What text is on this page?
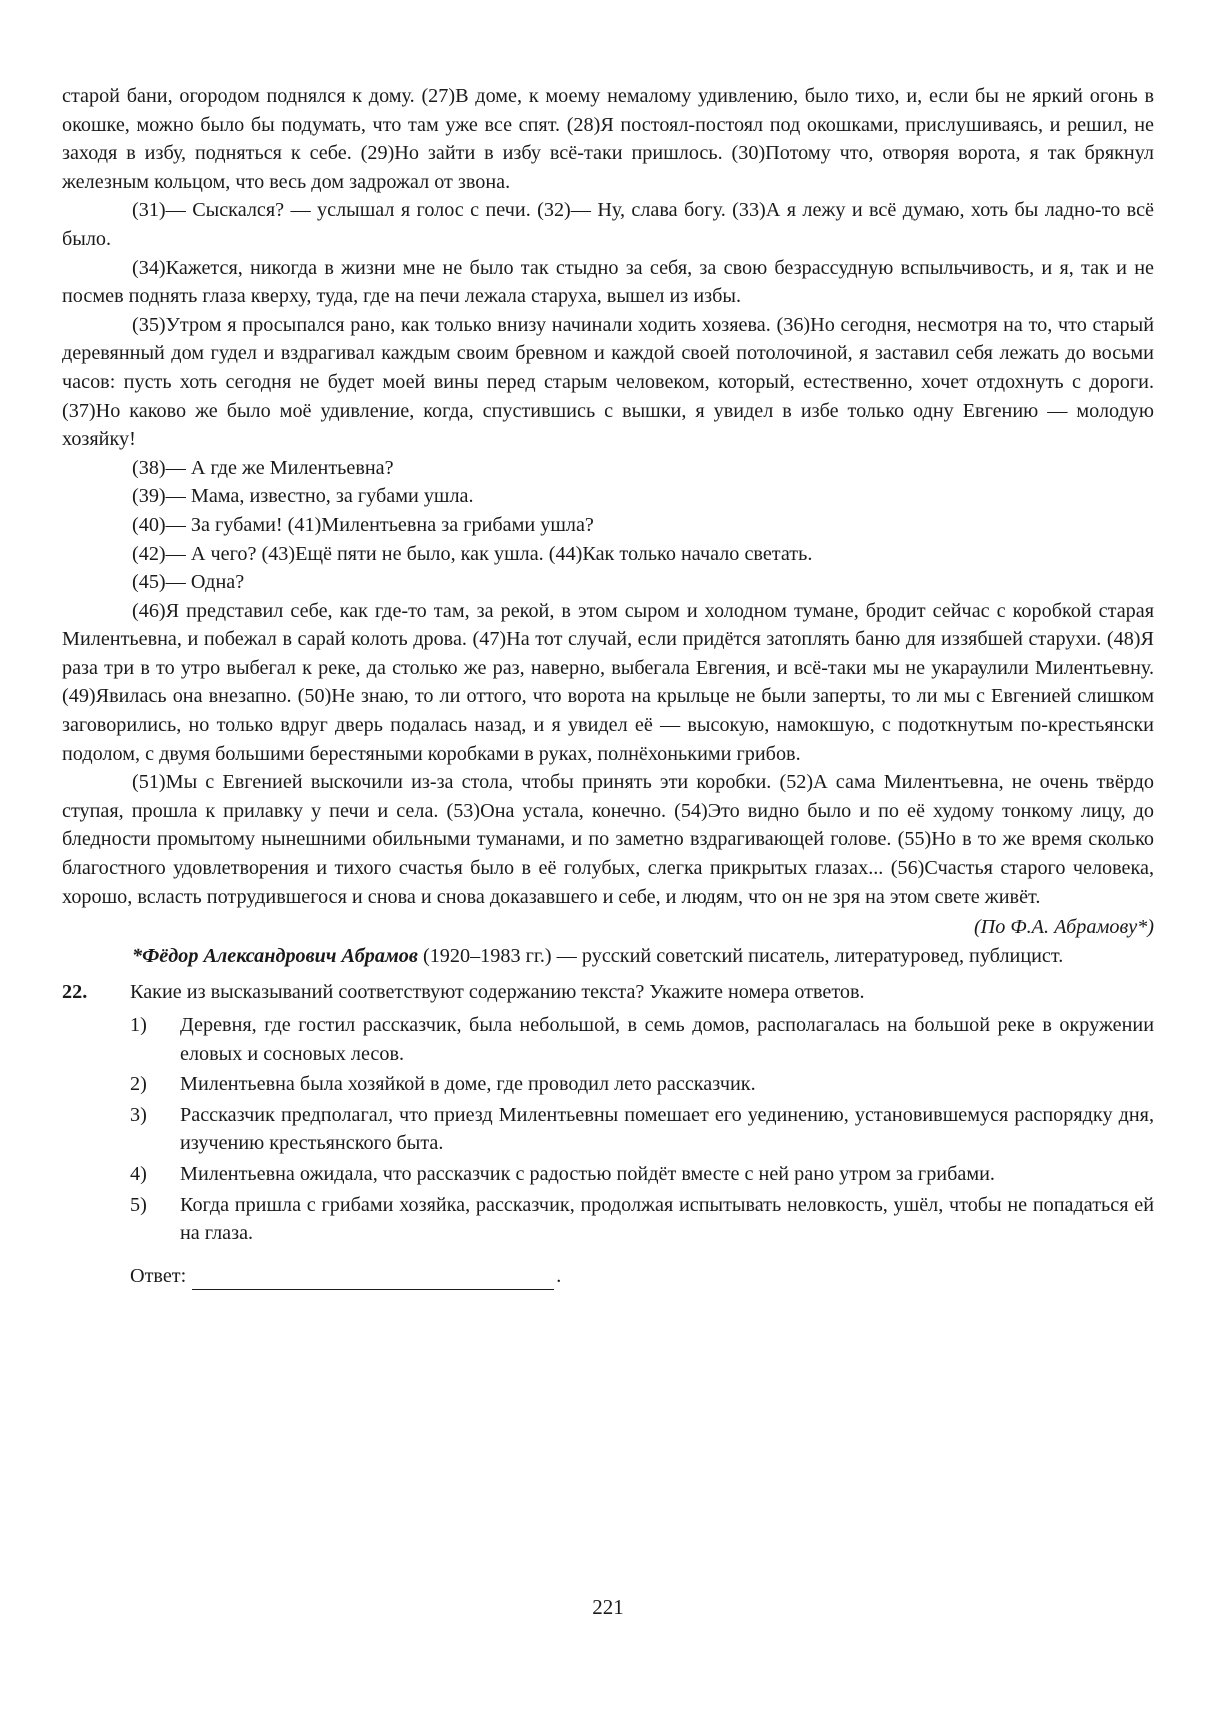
старой бани, огородом поднялся к дому. (27)В доме, к моему немалому удивлению, было тихо, и, если бы не яркий огонь в окошке, можно было бы подумать, что там уже все спят. (28)Я постоял-постоял под окошками, прислушиваясь, и решил, не заходя в избу, подняться к себе. (29)Но зайти в избу всё-таки пришлось. (30)Потому что, отворяя ворота, я так брякнул железным кольцом, что весь дом задрожал от звона.

(31)— Сыскался? — услышал я голос с печи. (32)— Ну, слава богу. (33)А я лежу и всё думаю, хоть бы ладно-то всё было.

(34)Кажется, никогда в жизни мне не было так стыдно за себя, за свою безрассудную вспыльчивость, и я, так и не посмев поднять глаза кверху, туда, где на печи лежала старуха, вышел из избы.

(35)Утром я просыпался рано, как только внизу начинали ходить хозяева. (36)Но сегодня, несмотря на то, что старый деревянный дом гудел и вздрагивал каждым своим бревном и каждой своей потолочиной, я заставил себя лежать до восьми часов: пусть хоть сегодня не будет моей вины перед старым человеком, который, естественно, хочет отдохнуть с дороги. (37)Но каково же было моё удивление, когда, спустившись с вышки, я увидел в избе только одну Евгению — молодую хозяйку!

(38)— А где же Милентьевна?

(39)— Мама, известно, за губами ушла.

(40)— За губами! (41)Милентьевна за грибами ушла?

(42)— А чего? (43)Ещё пяти не было, как ушла. (44)Как только начало светать.

(45)— Одна?

(46)Я представил себе, как где-то там, за рекой, в этом сыром и холодном тумане, бродит сейчас с коробкой старая Милентьевна, и побежал в сарай колоть дрова. (47)На тот случай, если придётся затоплять баню для иззябшей старухи. (48)Я раза три в то утро выбегал к реке, да столько же раз, наверно, выбегала Евгения, и всё-таки мы не укараулили Милентьевну. (49)Явилась она внезапно. (50)Не знаю, то ли оттого, что ворота на крыльце не были заперты, то ли мы с Евгенией слишком заговорились, но только вдруг дверь подалась назад, и я увидел её — высокую, намокшую, с подоткнутым по-крестьянски подолом, с двумя большими берестяными коробками в руках, полнёхонькими грибов.

(51)Мы с Евгенией выскочили из-за стола, чтобы принять эти коробки. (52)А сама Милентьевна, не очень твёрдо ступая, прошла к прилавку у печи и села. (53)Она устала, конечно. (54)Это видно было и по её худому тонкому лицу, до бледности промытому нынешними обильными туманами, и по заметно вздрагивающей голове. (55)Но в то же время сколько благостного удовлетворения и тихого счастья было в её голубых, слегка прикрытых глазах... (56)Счастья старого человека, хорошо, всласть потрудившегося и снова и снова доказавшего и себе, и людям, что он не зря на этом свете живёт.

(По Ф.А. Абрамову*)

*Фёдор Александрович Абрамов (1920–1983 гг.) — русский советский писатель, литературовед, публицист.

22.	Какие из высказываний соответствуют содержанию текста? Укажите номера ответов.

1)	Деревня, где гостил рассказчик, была небольшой, в семь домов, располагалась на большой реке в окружении еловых и сосновых лесов.
2)	Милентьевна была хозяйкой в доме, где проводил лето рассказчик.
3)	Рассказчик предполагал, что приезд Милентьевны помешает его уединению, установившемуся распорядку дня, изучению крестьянского быта.
4)	Милентьевна ожидала, что рассказчик с радостью пойдёт вместе с ней рано утром за грибами.
5)	Когда пришла с грибами хозяйка, рассказчик, продолжая испытывать неловкость, ушёл, чтобы не попадаться ей на глаза.
Ответ:	.
221
